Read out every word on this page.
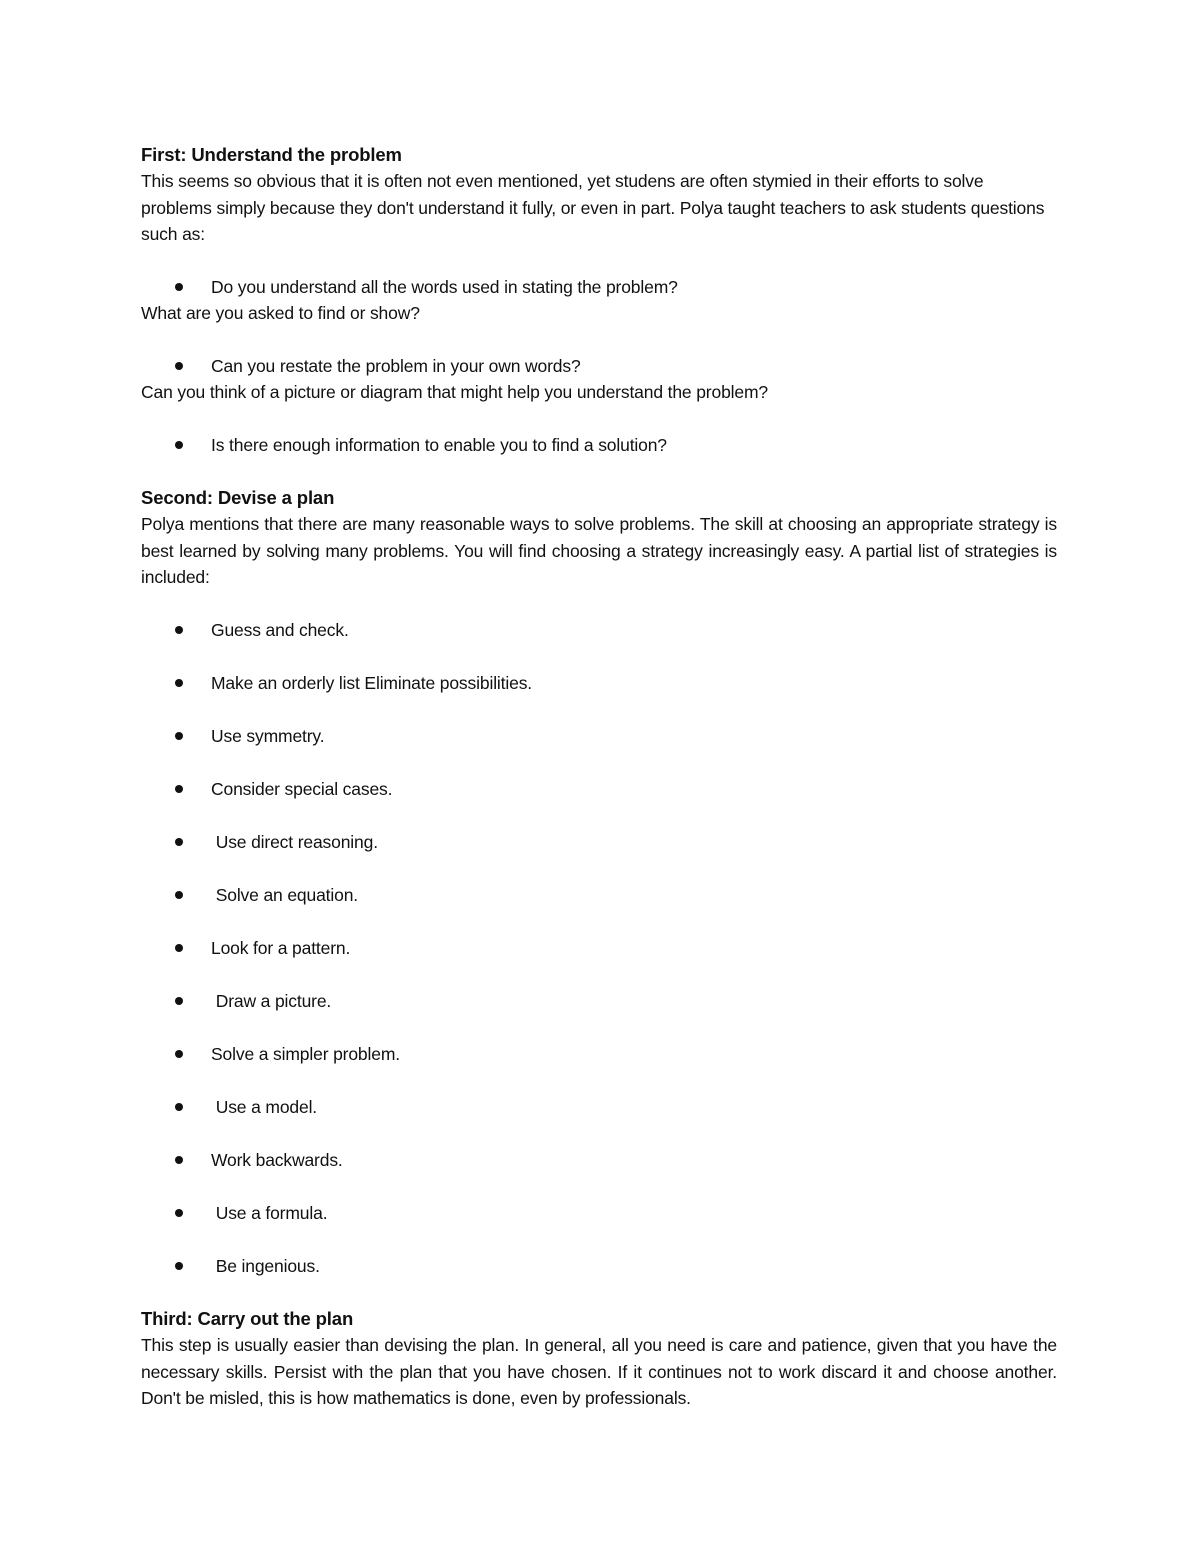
First: Understand the problem

This seems so obvious that it is often not even mentioned, yet studens are often stymied in their efforts to solve problems simply because they don't understand it fully, or even in part. Polya taught teachers to ask students questions such as:

Do you understand all the words used in stating the problem?

What are you asked to find or show?

Can you restate the problem in your own words?

Can you think of a picture or diagram that might help you understand the problem?

Is there enough information to enable you to find a solution?

Second: Devise a plan

Polya mentions that there are many reasonable ways to solve problems. The skill at choosing an appropriate strategy is best learned by solving many problems. You will find choosing a strategy increasingly easy. A partial list of strategies is included:

Guess and check.

Make an orderly list Eliminate possibilities.

Use symmetry.

Consider special cases.

Use direct reasoning.

Solve an equation.

Look for a pattern.

Draw a picture.

Solve a simpler problem.

Use a model.

Work backwards.

Use a formula.

Be ingenious.

Third: Carry out the plan

This step is usually easier than devising the plan. In general, all you need is care and patience, given that you have the necessary skills. Persist with the plan that you have chosen. If it continues not to work discard it and choose another. Don't be misled, this is how mathematics is done, even by professionals.
